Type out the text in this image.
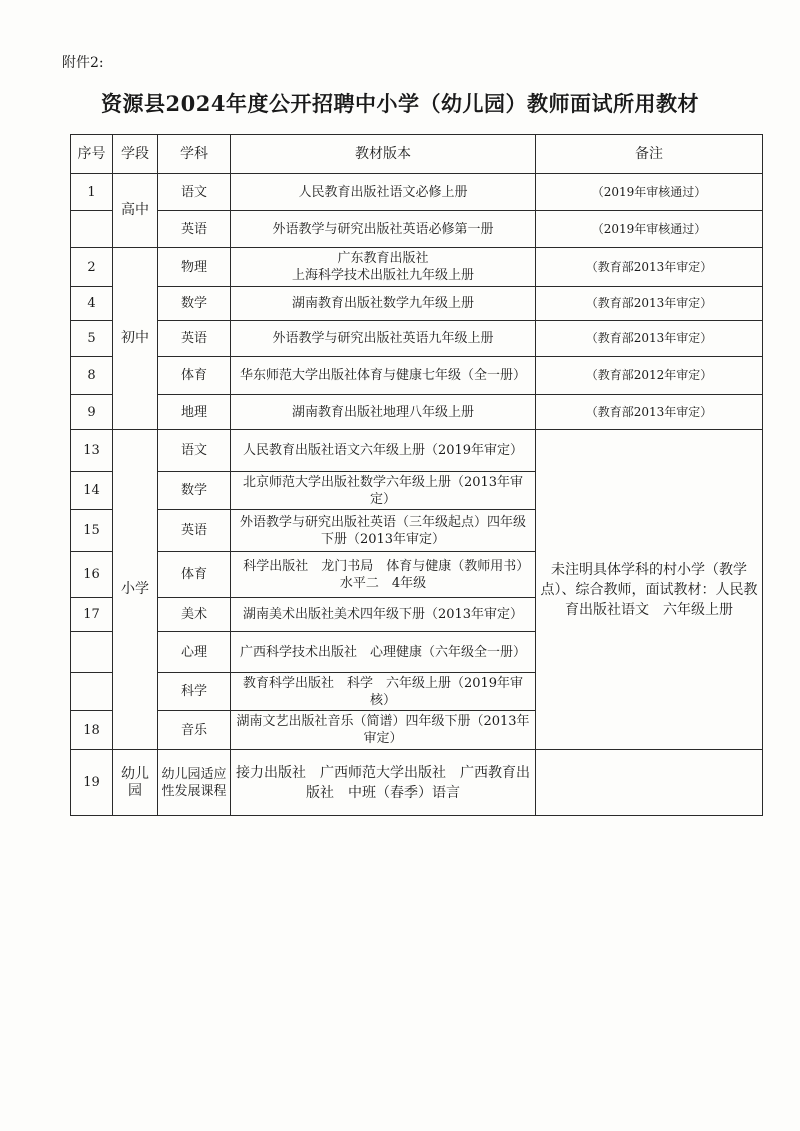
附件2:
资源县2024年度公开招聘中小学（幼儿园）教师面试所用教材
序号	学段	学科	教材版本	备注
1	高中	语文	人民教育出版社语文必修上册	（2019年审核通过）
		英语	外语教学与研究出版社英语必修第一册	（2019年审核通过）
2	初中	物理	广东教育出版社
上海科学技术出版社九年级上册	（教育部2013年审定）
4		数学	湖南教育出版社数学九年级上册	（教育部2013年审定）
5		英语	外语教学与研究出版社英语九年级上册	（教育部2013年审定）
8		体育	华东师范大学出版社体育与健康七年级（全一册）	（教育部2012年审定）
9		地理	湖南教育出版社地理八年级上册	（教育部2013年审定）
13	小学	语文	人民教育出版社语文六年级上册（2019年审定）	未注明具体学科的村小学（教学点）、综合教师，面试教材：人民教育出版社语文　六年级上册
14		数学	北京师范大学出版社数学六年级上册（2013年审定）	
15		英语	外语教学与研究出版社英语（三年级起点）四年级下册（2013年审定）	
16		体育	科学出版社　龙门书局　体育与健康（教师用书）　水平二　4年级	
17		美术	湖南美术出版社美术四年级下册（2013年审定）	
		心理	广西科学技术出版社　心理健康（六年级全一册）	
		科学	教育科学出版社　科学　六年级上册（2019年审核）	
18		音乐	湖南文艺出版社音乐（简谱）四年级下册（2013年审定）	
19	幼儿园	幼儿园适应性发展课程	接力出版社　广西师范大学出版社　广西教育出版社　中班（春季）语言	
